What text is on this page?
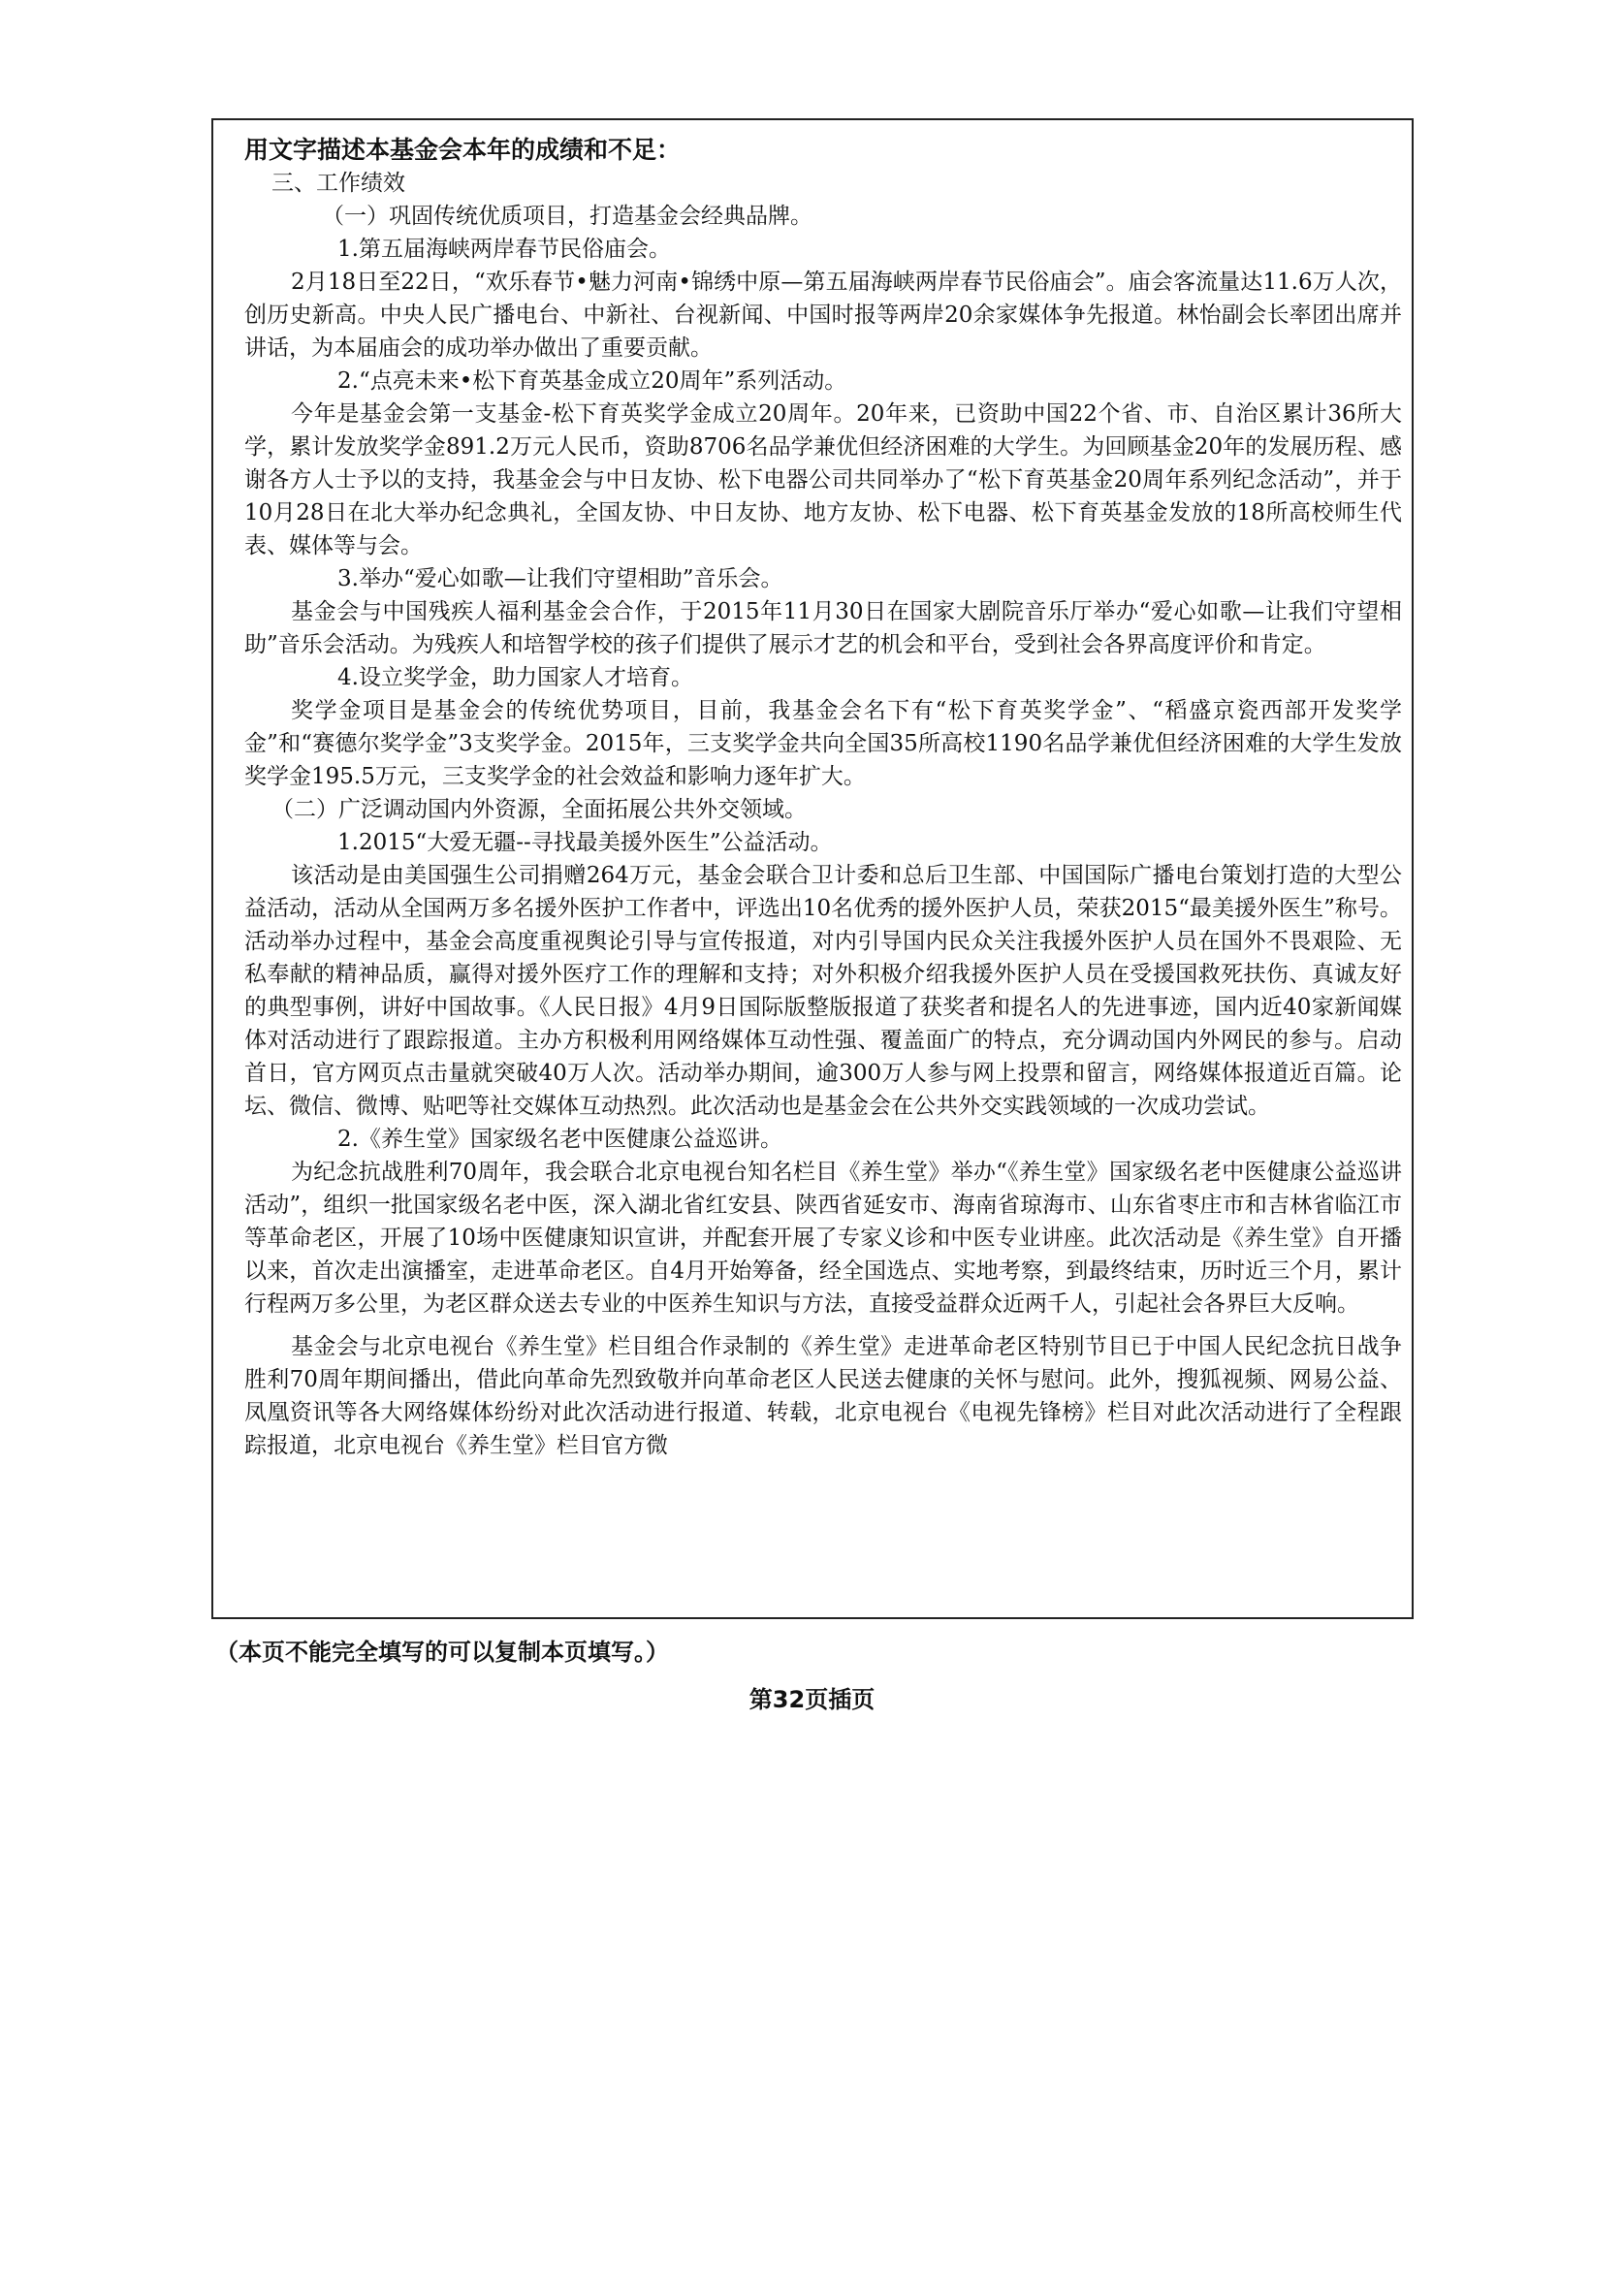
用文字描述本基金会本年的成绩和不足：

三、工作绩效

（一）巩固传统优质项目，打造基金会经典品牌。

1.第五届海峡两岸春节民俗庙会。

2月18日至22日，“欢乐春节•魅力河南•锦绣中原—第五届海峡两岸春节民俗庙会”。庙会客流量达11.6万人次，创历史新高。中央人民广播电台、中新社、台视新闻、中国时报等两岸20余家媒体争先报道。林怡副会长率团出席并讲话，为本届庙会的成功举办做出了重要贡献。

2.“点亮未来•松下育英基金成立20周年”系列活动。

今年是基金会第一支基金-松下育英奖学金成立20周年。20年来，已资助中国22个省、市、自治区累计36所大学，累计发放奖学金891.2万元人民币，资助8706名品学兼优但经济困难的大学生。为回顾基金20年的发展历程、感谢各方人士予以的支持，我基金会与中日友协、松下电器公司共同举办了“松下育英基金20周年系列纪念活动”，并于10月28日在北大举办纪念典礼，全国友协、中日友协、地方友协、松下电器、松下育英基金发放的18所高校师生代表、媒体等与会。

3.举办“爱心如歌—让我们守望相助”音乐会。

基金会与中国残疾人福利基金会合作，于2015年11月30日在国家大剧院音乐厅举办“爱心如歌—让我们守望相助”音乐会活动。为残疾人和培智学校的孩子们提供了展示才艺的机会和平台，受到社会各界高度评价和肯定。

4.设立奖学金，助力国家人才培育。

奖学金项目是基金会的传统优势项目，目前，我基金会名下有“松下育英奖学金”、“稻盛京瓷西部开发奖学金”和“赛德尔奖学金”3支奖学金。2015年，三支奖学金共向全国35所高校1190名品学兼优但经济困难的大学生发放奖学金195.5万元，三支奖学金的社会效益和影响力逐年扩大。

（二）广泛调动国内外资源，全面拓展公共外交领域。

1.2015“大爱无疆--寻找最美援外医生”公益活动。

该活动是由美国强生公司捐赠264万元，基金会联合卫计委和总后卫生部、中国国际广播电台策划打造的大型公益活动，活动从全国两万多名援外医护工作者中，评选出10名优秀的援外医护人员，荣获2015“最美援外医生”称号。活动举办过程中，基金会高度重视舆论引导与宣传报道，对内引导国内民众关注我援外医护人员在国外不畏艰险、无私奉献的精神品质，赢得对援外医疗工作的理解和支持；对外积极介绍我援外医护人员在受援国救死扶伤、真诚友好的典型事例，讲好中国故事。《人民日报》4月9日国际版整版报道了获奖者和提名人的先进事迹，国内近40家新闻媒体对活动进行了跟踪报道。主办方积极利用网络媒体互动性强、覆盖面广的特点，充分调动国内外网民的参与。启动首日，官方网页点击量就突破40万人次。活动举办期间，逾300万人参与网上投票和留言，网络媒体报道近百篇。论坛、微信、微博、贴吧等社交媒体互动热烈。此次活动也是基金会在公共外交实践领域的一次成功尝试。

2.《养生堂》国家级名老中医健康公益巡讲。

为纪念抗战胜利70周年，我会联合北京电视台知名栏目《养生堂》举办“《养生堂》国家级名老中医健康公益巡讲活动”，组织一批国家级名老中医，深入湖北省红安县、陕西省延安市、海南省琼海市、山东省枣庄市和吉林省临江市等革命老区，开展了10场中医健康知识宣讲，并配套开展了专家义诊和中医专业讲座。此次活动是《养生堂》自开播以来，首次走出演播室，走进革命老区。自4月开始筹备，经全国选点、实地考察，到最终结束，历时近三个月，累计行程两万多公里，为老区群众送去专业的中医养生知识与方法，直接受益群众近两千人，引起社会各界巨大反响。

基金会与北京电视台《养生堂》栏目组合作录制的《养生堂》走进革命老区特别节目已于中国人民纪念抗日战争胜利70周年期间播出，借此向革命先烈致敬并向革命老区人民送去健康的关怀与慰问。此外，搜狐视频、网易公益、凤凰资讯等各大网络媒体纷纷对此次活动进行报道、转载，北京电视台《电视先锋榜》栏目对此次活动进行了全程跟踪报道，北京电视台《养生堂》栏目官方微

（本页不能完全填写的可以复制本页填写。）
第32页插页
